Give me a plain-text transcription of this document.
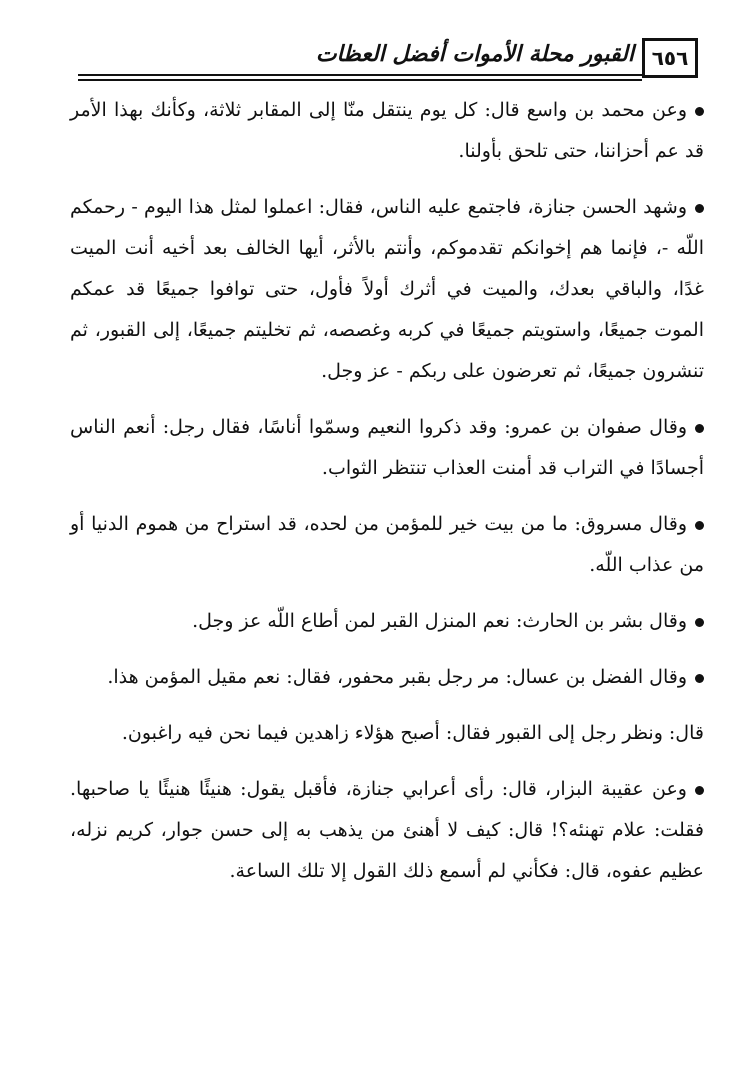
٦٥٦
القبور محلة الأموات أفضل العظات

وعن محمد بن واسع قال: كل يوم ينتقل منّا إلى المقابر ثلاثة، وكأنك بهذا الأمر قد عم أحزاننا، حتى تلحق بأولنا.

وشهد الحسن جنازة، فاجتمع عليه الناس، فقال: اعملوا لمثل هذا اليوم - رحمكم اللّه -، فإنما هم إخوانكم تقدموكم، وأنتم بالأثر، أيها الخالف بعد أخيه أنت الميت غدًا، والباقي بعدك، والميت في أثرك أولاً فأول، حتى توافوا جميعًا قد عمكم الموت جميعًا، واستويتم جميعًا في كربه وغصصه، ثم تخليتم جميعًا، إلى القبور، ثم تنشرون جميعًا، ثم تعرضون على ربكم - عز وجل.

وقال صفوان بن عمرو: وقد ذكروا النعيم وسمّوا أناسًا، فقال رجل: أنعم الناس أجسادًا في التراب قد أمنت العذاب تنتظر الثواب.

وقال مسروق: ما من بيت خير للمؤمن من لحده، قد استراح من هموم الدنيا أو من عذاب اللّه.

وقال بشر بن الحارث: نعم المنزل القبر لمن أطاع اللّه عز وجل.

وقال الفضل بن عسال: مر رجل بقبر محفور، فقال: نعم مقيل المؤمن هذا.

قال: ونظر رجل إلى القبور فقال: أصبح هؤلاء زاهدين فيما نحن فيه راغبون.

وعن عقيبة البزار، قال: رأى أعرابي جنازة، فأقبل يقول: هنيئًا هنيئًا يا صاحبها. فقلت: علام تهنئه؟! قال: كيف لا أهنئ من يذهب به إلى حسن جوار، كريم نزله، عظيم عفوه، قال: فكأني لم أسمع ذلك القول إلا تلك الساعة.
